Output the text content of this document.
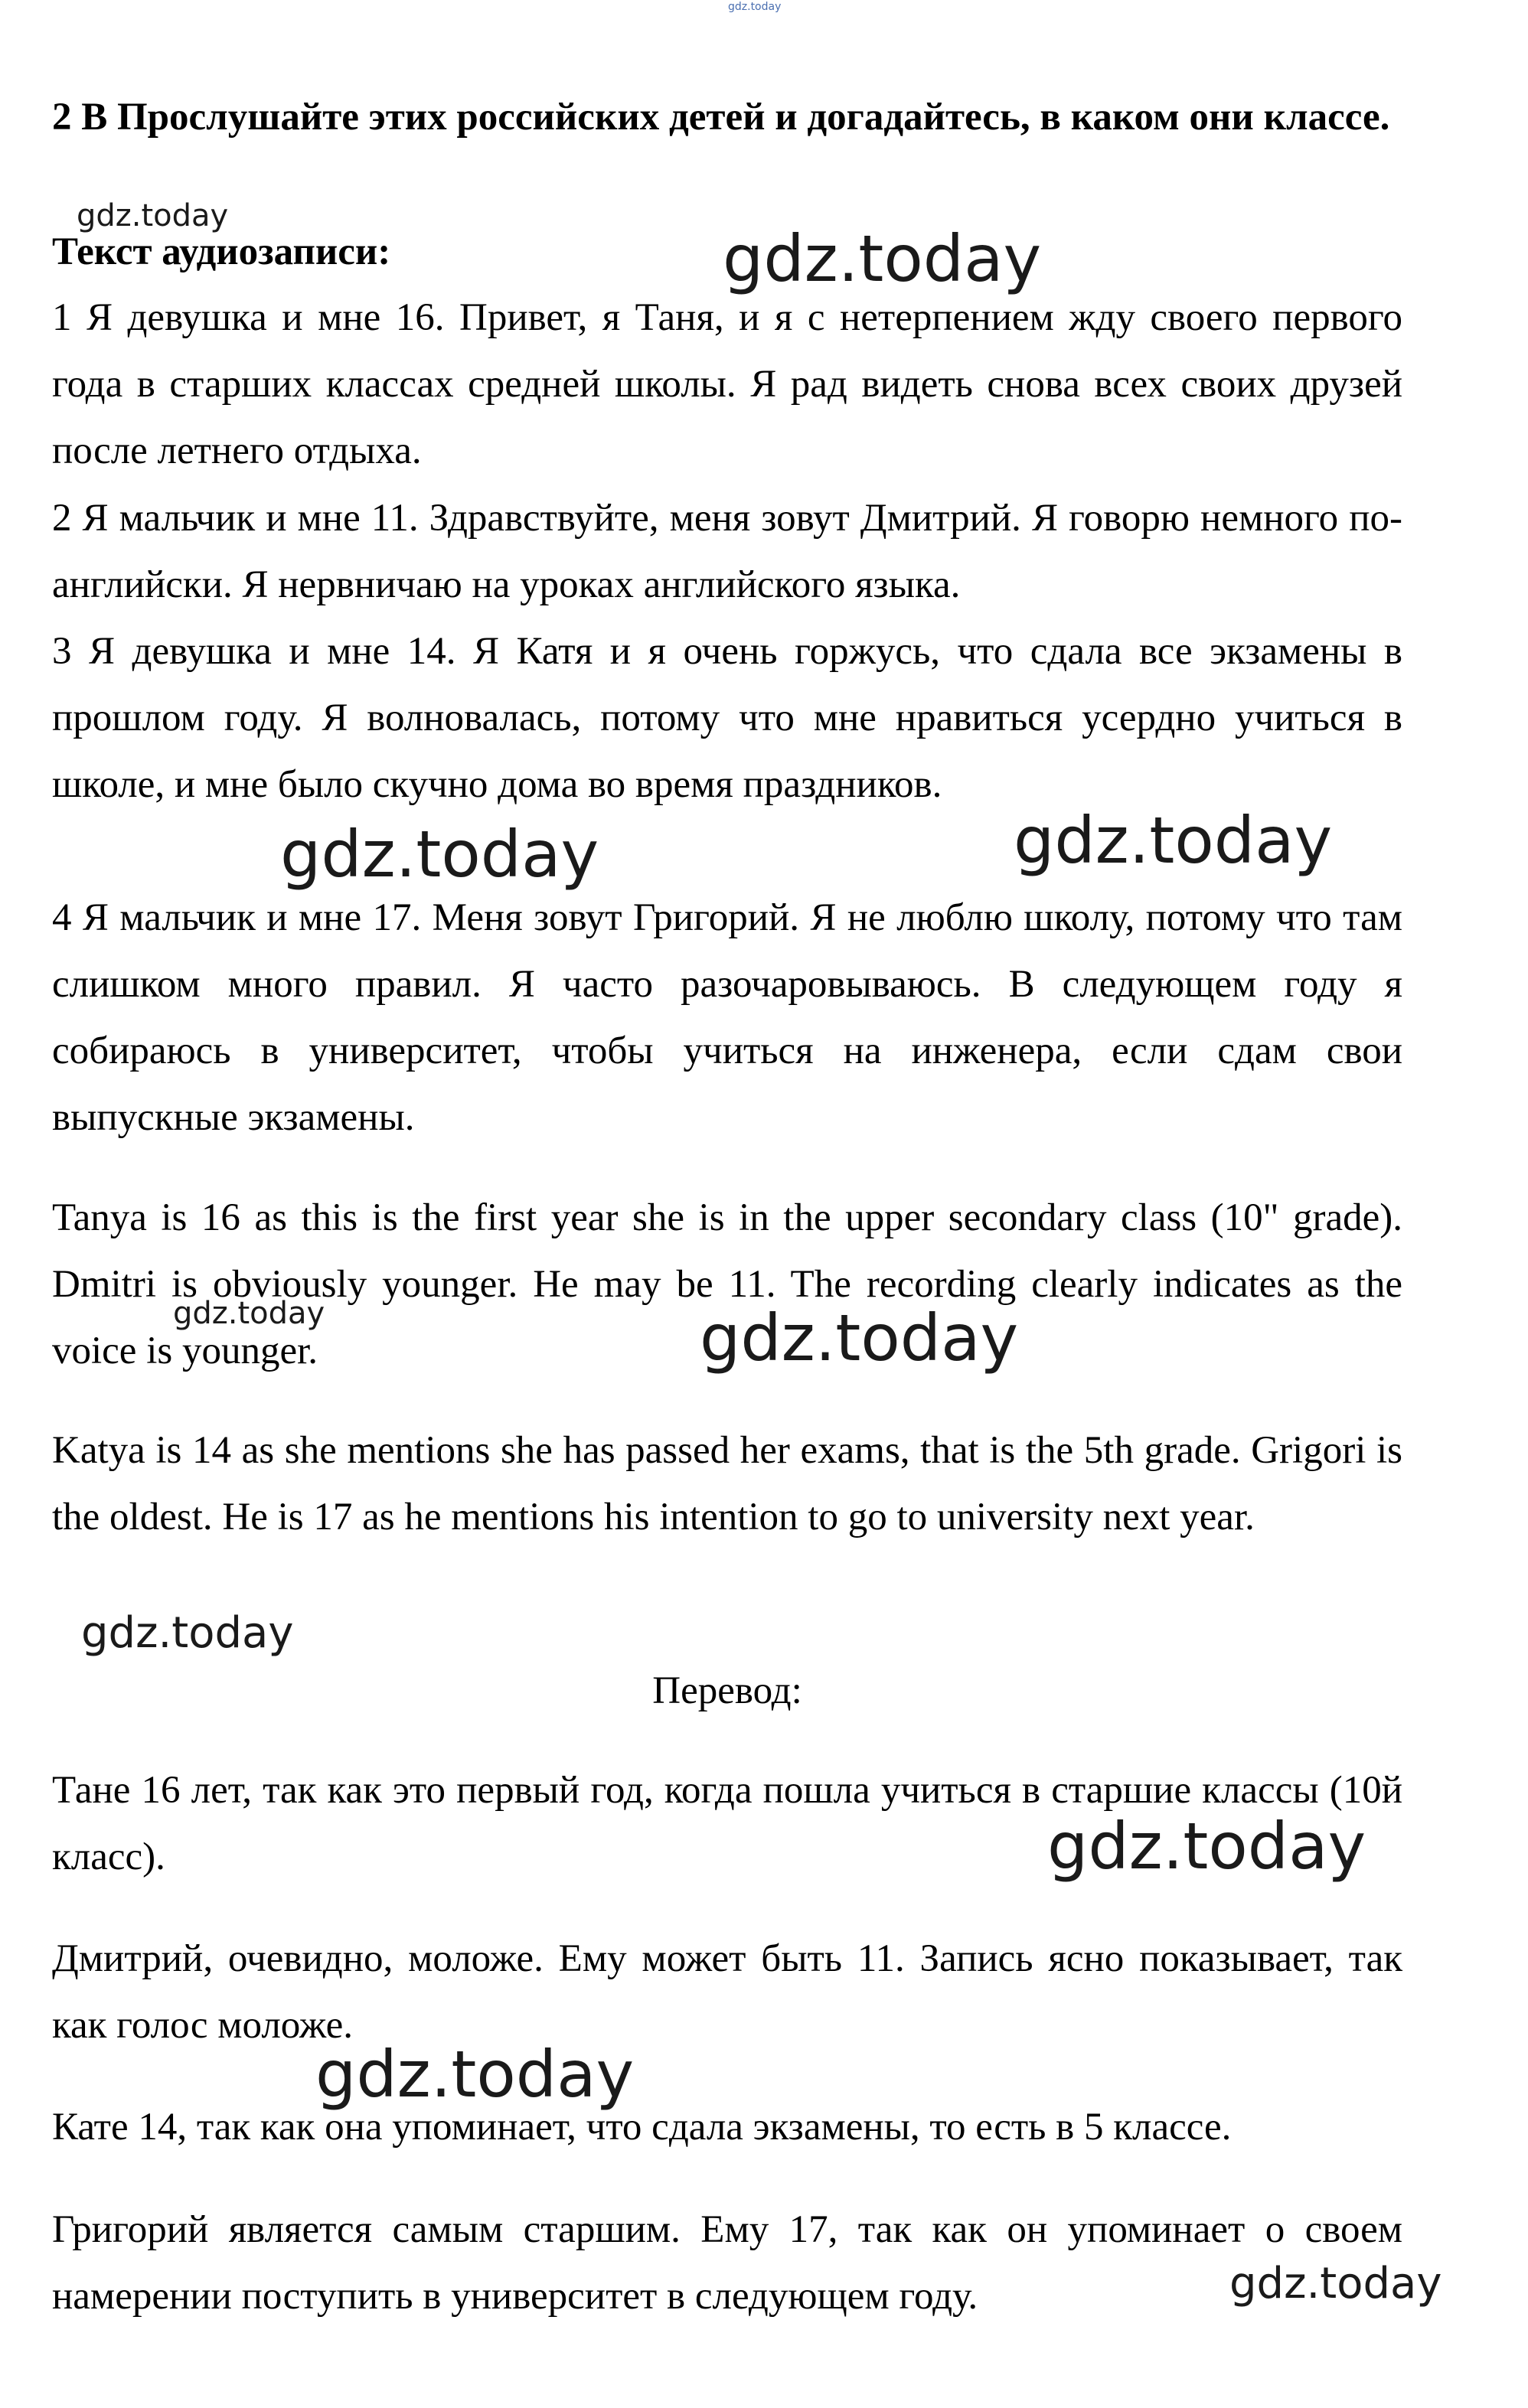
gdz.today

2 B Прослушайте этих российских детей и догадайтесь, в каком они классе.

Текст аудиозаписи:

1 Я девушка и мне 16. Привет, я Таня, и я с нетерпением жду своего первого года в старших классах средней школы. Я рад видеть снова всех своих друзей после летнего отдыха.

2 Я мальчик и мне 11. Здравствуйте, меня зовут Дмитрий. Я говорю немного по-английски. Я нервничаю на уроках английского языка.

3 Я девушка и мне 14. Я Катя и я очень горжусь, что сдала все экзамены в прошлом году. Я волновалась, потому что мне нравиться усердно учиться в школе, и мне было скучно дома во время праздников.

4 Я мальчик и мне 17. Меня зовут Григорий. Я не люблю школу, потому что там слишком много правил. Я часто разочаровываюсь. В следующем году я собираюсь в университет, чтобы учиться на инженера, если сдам свои выпускные экзамены.

Tanya is 16 as this is the first year she is in the upper secondary class (10" grade). Dmitri is obviously younger. He may be 11. The recording clearly indicates as the voice is younger.

Katya is 14 as she mentions she has passed her exams, that is the 5th grade. Grigori is the oldest. He is 17 as he mentions his intention to go to university next year.

Перевод:

Тане 16 лет, так как это первый год, когда пошла учиться в старшие классы (10й класс).

Дмитрий, очевидно, моложе. Ему может быть 11. Запись ясно показывает, так как голос моложе.

Кате 14, так как она упоминает, что сдала экзамены, то есть в 5 классе.

Григорий является самым старшим. Ему 17, так как он упоминает о своем намерении поступить в университет в следующем году.

gdz.today
gdz.today
gdz.today	gdz.today
gdz.today	gdz.today
gdz.today
gdz.today
gdz.today
gdz.today
